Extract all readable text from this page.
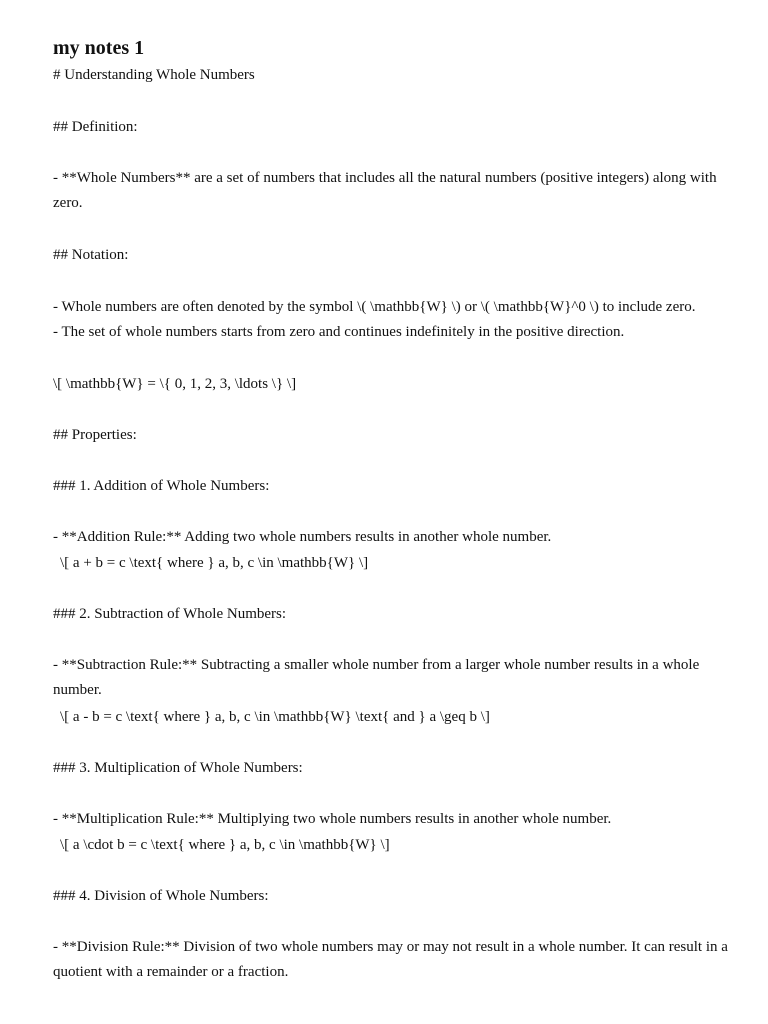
my notes 1

# Understanding Whole Numbers

## Definition:

- **Whole Numbers** are a set of numbers that includes all the natural numbers (positive integers) along with zero.

## Notation:

- Whole numbers are often denoted by the symbol \( \mathbb{W} \) or \( \mathbb{W}^0 \) to include zero.

- The set of whole numbers starts from zero and continues indefinitely in the positive direction.

\[ \mathbb{W} = \{ 0, 1, 2, 3, \ldots \} \]

## Properties:

### 1. Addition of Whole Numbers:

- **Addition Rule:** Adding two whole numbers results in another whole number.

\[ a + b = c \text{ where } a, b, c \in \mathbb{W} \]

### 2. Subtraction of Whole Numbers:

- **Subtraction Rule:** Subtracting a smaller whole number from a larger whole number results in a whole number.

\[ a - b = c \text{ where } a, b, c \in \mathbb{W} \text{ and } a \geq b \]

### 3. Multiplication of Whole Numbers:

- **Multiplication Rule:** Multiplying two whole numbers results in another whole number.

\[ a \cdot b = c \text{ where } a, b, c \in \mathbb{W} \]

### 4. Division of Whole Numbers:

- **Division Rule:** Division of two whole numbers may or may not result in a whole number. It can result in a quotient with a remainder or a fraction.
